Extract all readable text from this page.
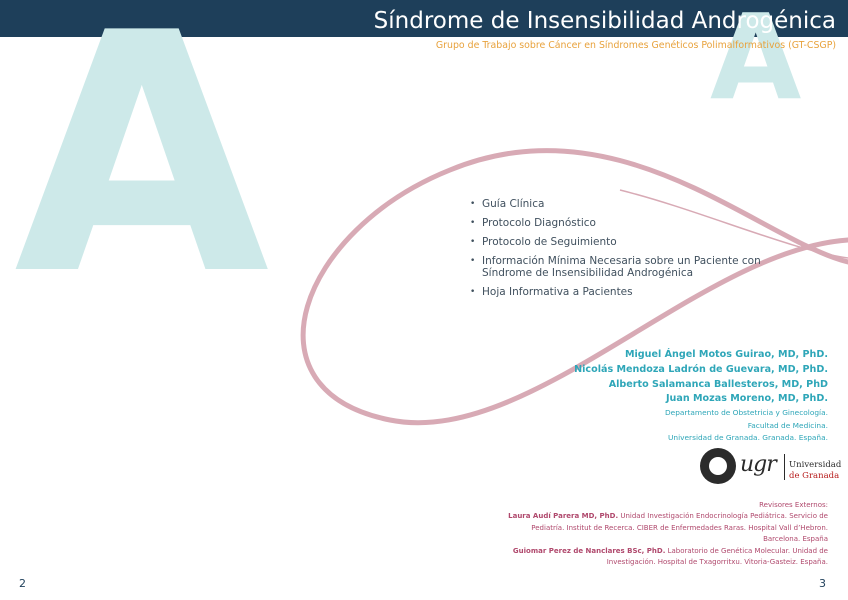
A	A
Síndrome de Insensibilidad Androgénica
Grupo de Trabajo sobre Cáncer en Síndromes Genéticos Polimalformativos (GT-CSGP)
• Guía Clínica
• Protocolo Diagnóstico
• Protocolo de Seguimiento
• Información Mínima Necesaria sobre un Paciente con Síndrome de Insensibilidad Androgénica
• Hoja Informativa a Pacientes
Miguel Ángel Motos Guirao, MD, PhD.
Nicolás Mendoza Ladrón de Guevara, MD, PhD.
Alberto Salamanca Ballesteros, MD, PhD
Juan Mozas Moreno, MD, PhD.
Departamento de Obstetricia y Ginecología.
Facultad de Medicina.
Universidad de Granada. Granada. España.
ugr Universidad
de Granada
Revisores Externos:
Laura Audí Parera MD, PhD. Unidad Investigación Endocrinología Pediátrica. Servicio de Pediatría. Institut de Recerca. CIBER de Enfermedades Raras. Hospital Vall d’Hebron. Barcelona. España
Guiomar Perez de Nanclares BSc, PhD. Laboratorio de Genética Molecular. Unidad de Investigación. Hospital de Txagorritxu. Vitoria-Gasteiz. España.
2	3
